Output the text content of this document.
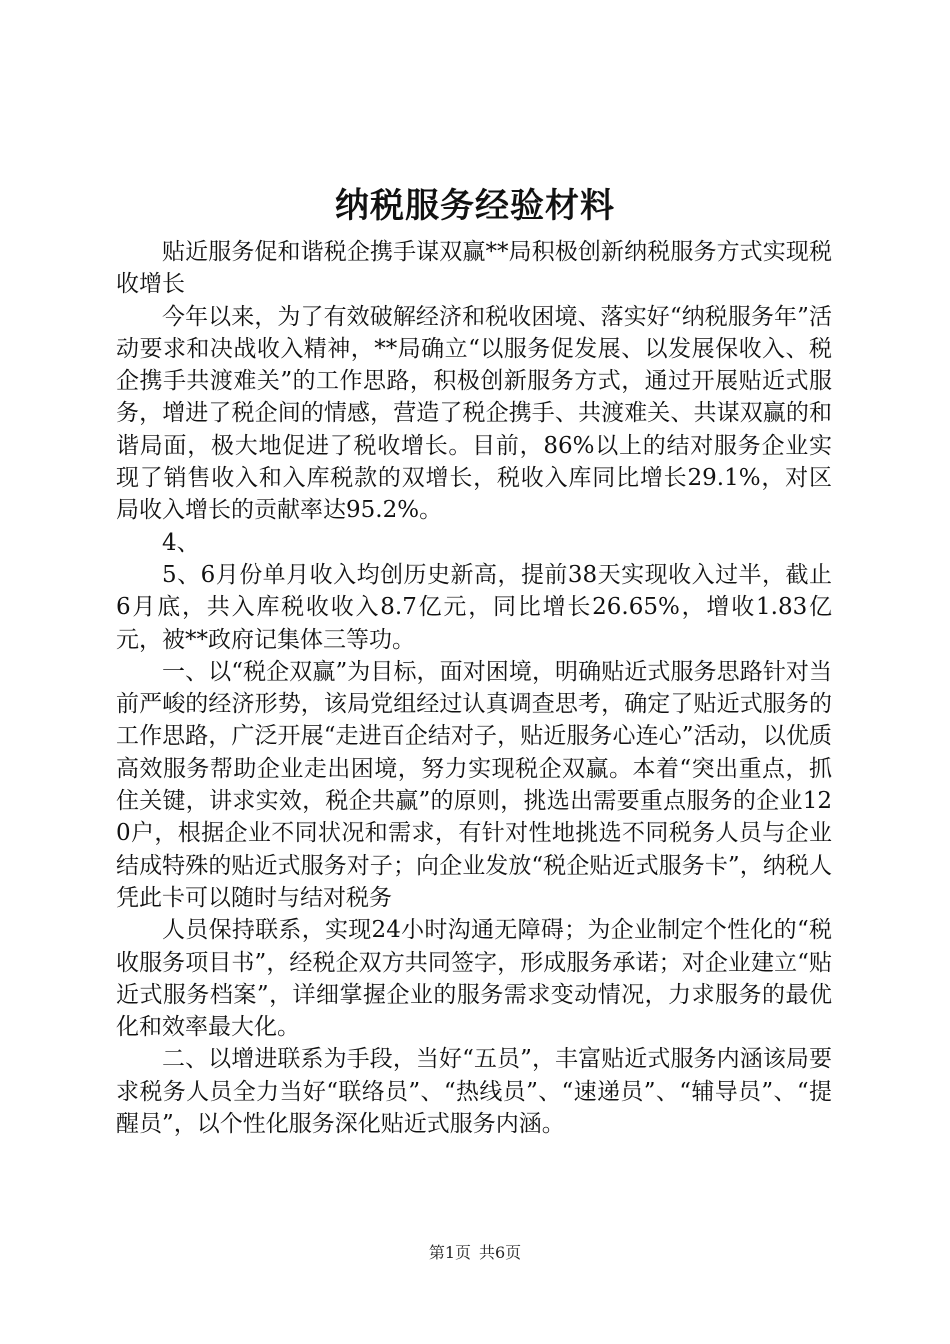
纳税服务经验材料

贴近服务促和谐税企携手谋双赢**局积极创新纳税服务方式实现税收增长

今年以来，为了有效破解经济和税收困境、落实好“纳税服务年”活动要求和决战收入精神，**局确立“以服务促发展、以发展保收入、税企携手共渡难关”的工作思路，积极创新服务方式，通过开展贴近式服务，增进了税企间的情感，营造了税企携手、共渡难关、共谋双赢的和谐局面，极大地促进了税收增长。目前，86%以上的结对服务企业实现了销售收入和入库税款的双增长，税收入库同比增长29.1%，对区局收入增长的贡献率达95.2%。

4、

5、6月份单月收入均创历史新高，提前38天实现收入过半，截止6月底，共入库税收收入8.7亿元，同比增长26.65%，增收1.83亿元，被**政府记集体三等功。

一、以“税企双赢”为目标，面对困境，明确贴近式服务思路针对当前严峻的经济形势，该局党组经过认真调查思考，确定了贴近式服务的工作思路，广泛开展“走进百企结对子，贴近服务心连心”活动，以优质高效服务帮助企业走出困境，努力实现税企双赢。本着“突出重点，抓住关键，讲求实效，税企共赢”的原则，挑选出需要重点服务的企业120户，根据企业不同状况和需求，有针对性地挑选不同税务人员与企业结成特殊的贴近式服务对子；向企业发放“税企贴近式服务卡”，纳税人凭此卡可以随时与结对税务

人员保持联系，实现24小时沟通无障碍；为企业制定个性化的“税收服务项目书”，经税企双方共同签字，形成服务承诺；对企业建立“贴近式服务档案”，详细掌握企业的服务需求变动情况，力求服务的最优化和效率最大化。

二、以增进联系为手段，当好“五员”，丰富贴近式服务内涵该局要求税务人员全力当好“联络员”、“热线员”、“速递员”、“辅导员”、“提醒员”，以个性化服务深化贴近式服务内涵。

第1页 共6页
